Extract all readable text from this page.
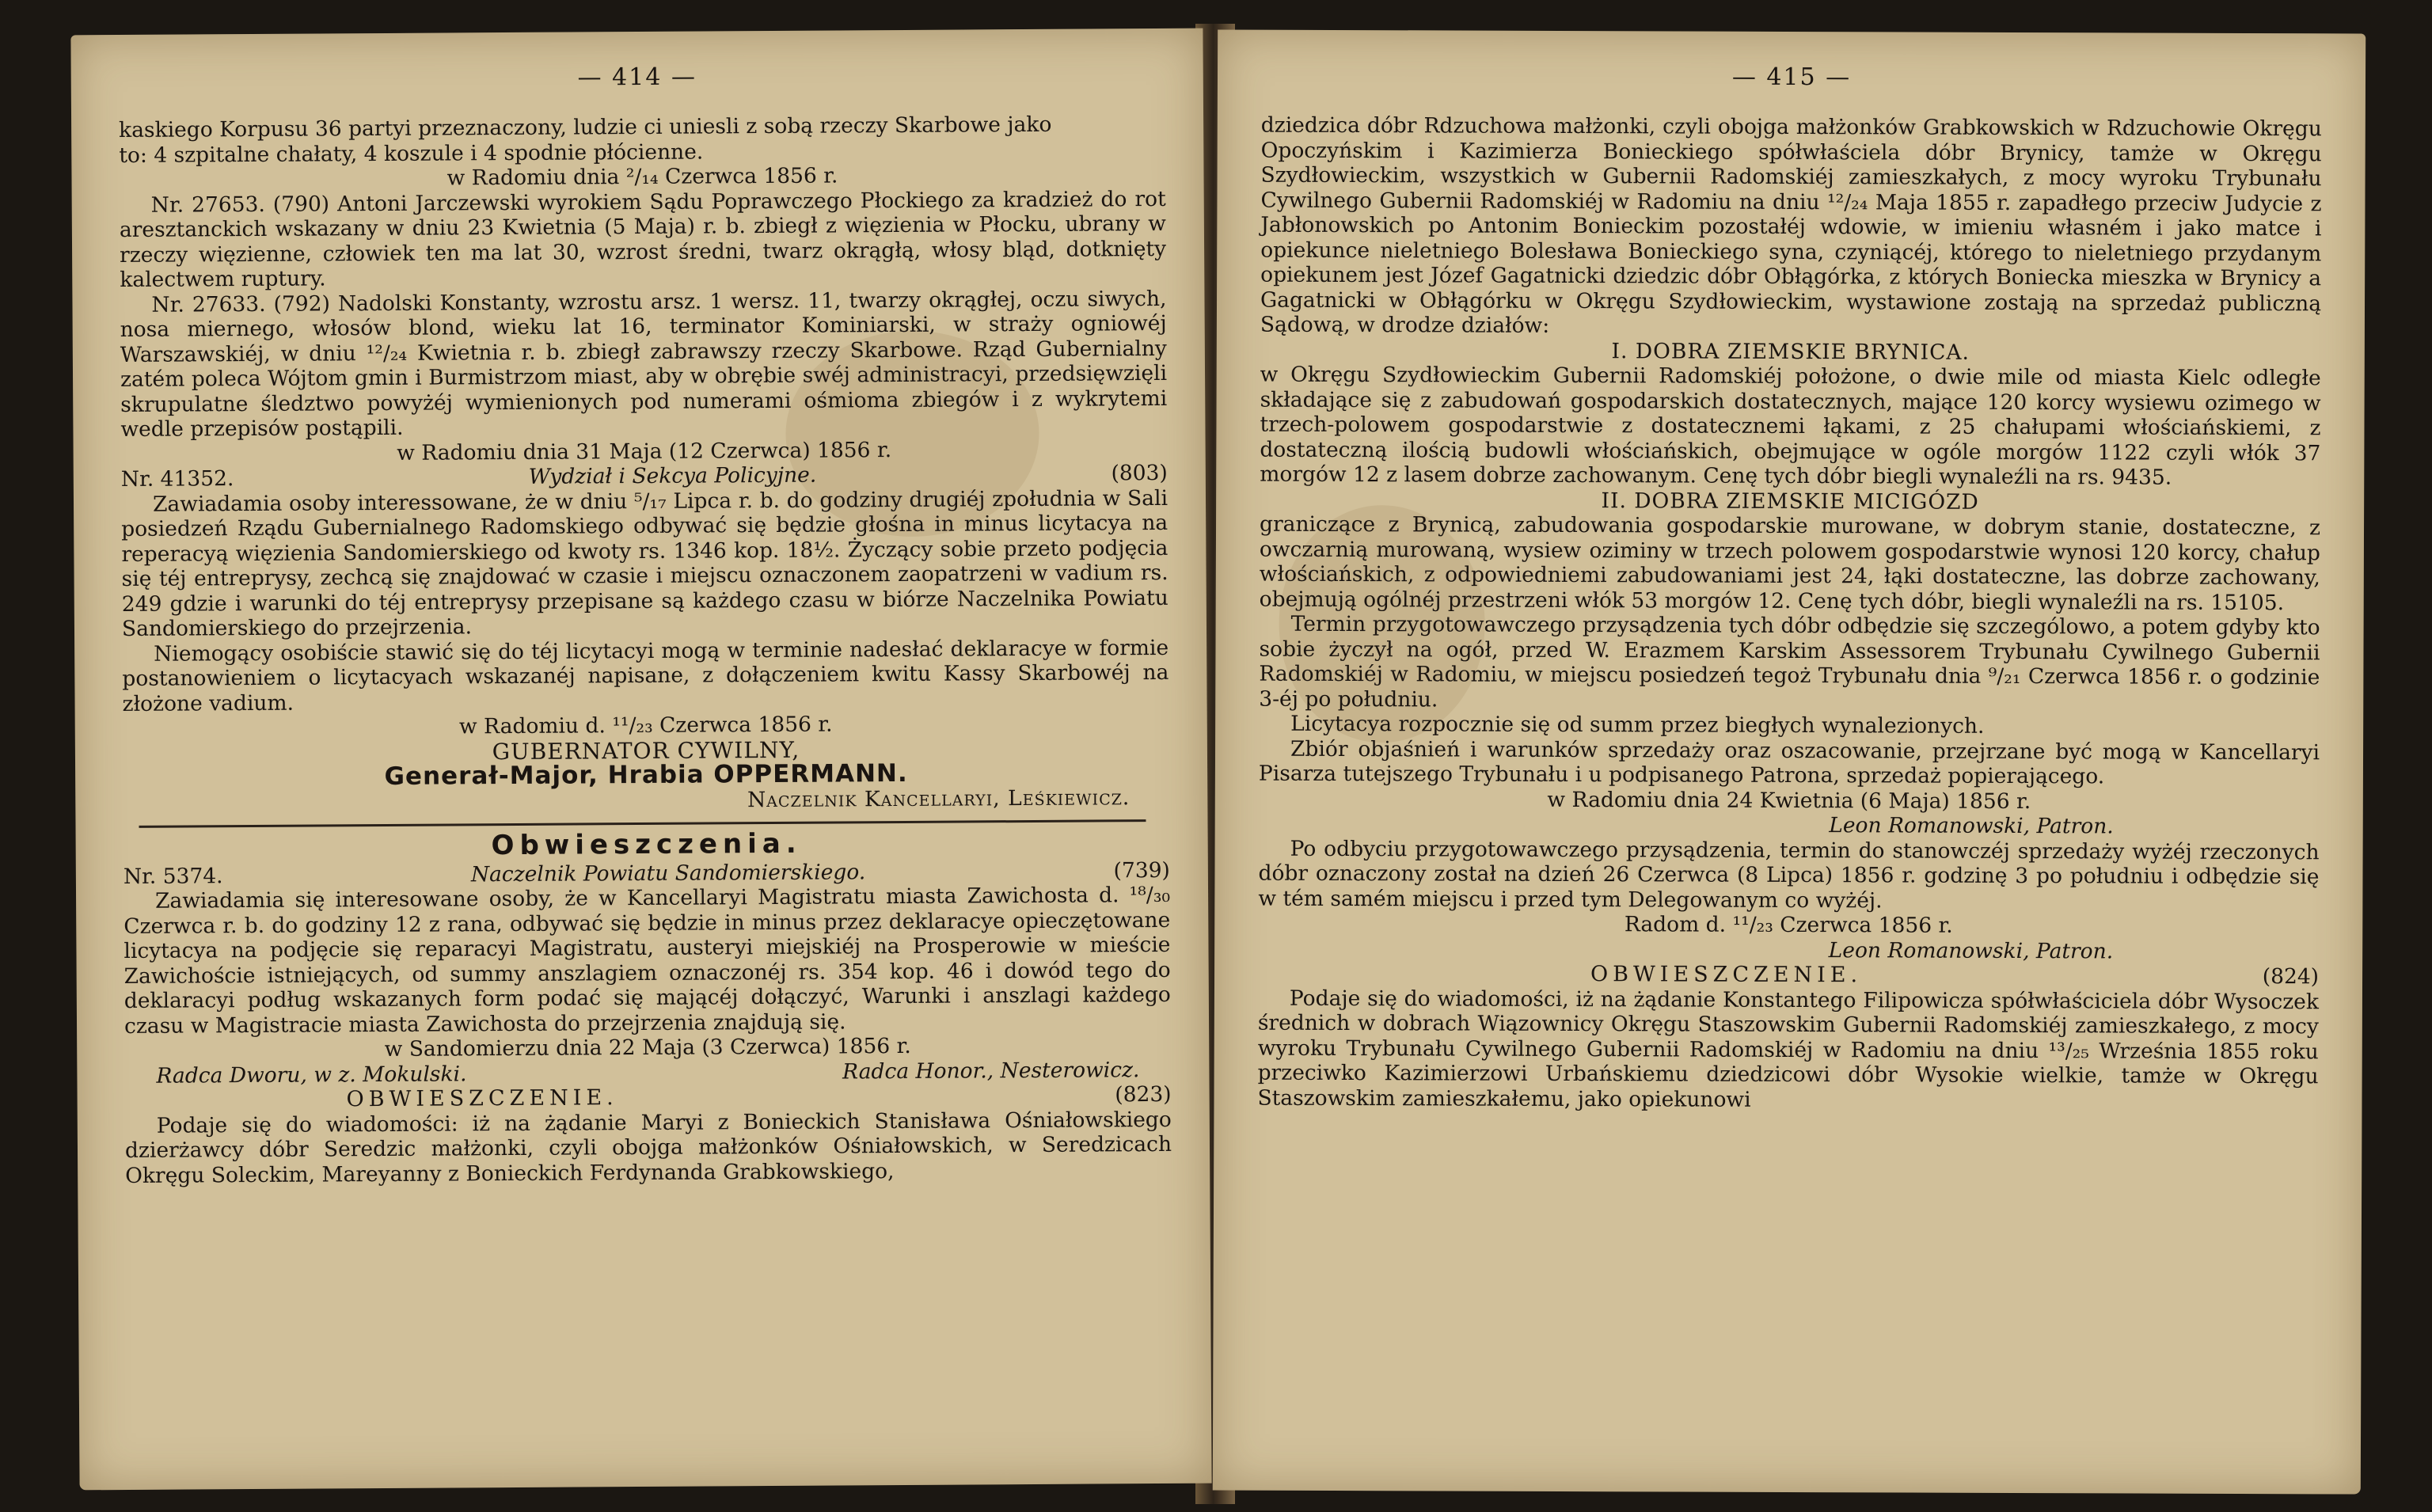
— 414 —

kaskiego Korpusu 36 partyi przeznaczony, ludzie ci uniesli z sobą rzeczy Skarbowe jako

to: 4 szpitalne chałaty, 4 koszule i 4 spodnie płócienne.

w Radomiu dnia ²/₁₄ Czerwca 1856 r.

Nr. 27653. (790) Antoni Jarczewski wyrokiem Sądu Poprawczego Płockiego za kradzież do rot aresztanckich wskazany w dniu 23 Kwietnia (5 Maja) r. b. zbiegł z więzienia w Płocku, ubrany w rzeczy więzienne, człowiek ten ma lat 30, wzrost średni, twarz okrągłą, włosy bląd, dotknięty kalectwem ruptury.

Nr. 27633. (792) Nadolski Konstanty, wzrostu arsz. 1 wersz. 11, twarzy okrągłej, oczu siwych, nosa miernego, włosów blond, wieku lat 16, terminator Kominiarski, w straży ogniowéj Warszawskiéj, w dniu ¹²/₂₄ Kwietnia r. b. zbiegł zabrawszy rzeczy Skarbowe. Rząd Gubernialny zatém poleca Wójtom gmin i Burmistrzom miast, aby w obrębie swéj administracyi, przedsięwzięli skrupulatne śledztwo powyżéj wymienionych pod numerami ośmioma zbiegów i z wykrytemi wedle przepisów postąpili.

w Radomiu dnia 31 Maja (12 Czerwca) 1856 r.

Nr. 41352.	Wydział i Sekcya Policyjne.	(803)

Zawiadamia osoby interessowane, że w dniu ⁵/₁₇ Lipca r. b. do godziny drugiéj zpołudnia w Sali posiedzeń Rządu Gubernialnego Radomskiego odbywać się będzie głośna in minus licytacya na reperacyą więzienia Sandomierskiego od kwoty rs. 1346 kop. 18½. Życzący sobie przeto podjęcia się téj entreprysy, zechcą się znajdować w czasie i miejscu oznaczonem zaopatrzeni w vadium rs. 249 gdzie i warunki do téj entreprysy przepisane są każdego czasu w biórze Naczelnika Powiatu Sandomierskiego do przejrzenia.

Niemogący osobiście stawić się do téj licytacyi mogą w terminie nadesłać deklaracye w formie postanowieniem o licytacyach wskazanéj napisane, z dołączeniem kwitu Kassy Skarbowéj na złożone vadium.

w Radomiu d. ¹¹/₂₃ Czerwca 1856 r.

GUBERNATOR CYWILNY,

Generał-Major, Hrabia OPPERMANN.

Naczelnik Kancellaryi, Leśkiewicz.

Obwieszczenia.

Nr. 5374.	Naczelnik Powiatu Sandomierskiego.	(739)

Zawiadamia się interesowane osoby, że w Kancellaryi Magistratu miasta Zawichosta d. ¹⁸/₃₀ Czerwca r. b. do godziny 12 z rana, odbywać się będzie in minus przez deklaracye opieczętowane licytacya na podjęcie się reparacyi Magistratu, austeryi miejskiéj na Prosperowie w mieście Zawichoście istniejących, od summy anszlagiem oznaczonéj rs. 354 kop. 46 i dowód tego do deklaracyi podług wskazanych form podać się mającéj dołączyć, Warunki i anszlagi każdego czasu w Magistracie miasta Zawichosta do przejrzenia znajdują się.

w Sandomierzu dnia 22 Maja (3 Czerwca) 1856 r.

Radca Dworu, w z. Mokulski.	Radca Honor., Nesterowicz.
OBWIESZCZENIE.	(823)

Podaje się do wiadomości: iż na żądanie Maryi z Bonieckich Stanisława Ośniałowskiego dzierżawcy dóbr Seredzic małżonki, czyli obojga małżonków Ośniałowskich, w Seredzicach Okręgu Soleckim, Mareyanny z Bonieckich Ferdynanda Grabkowskiego,

— 415 —

dziedzica dóbr Rdzuchowa małżonki, czyli obojga małżonków Grabkowskich w Rdzuchowie Okręgu Opoczyńskim i Kazimierza Bonieckiego spółwłaściela dóbr Brynicy, tamże w Okręgu Szydłowieckim, wszystkich w Gubernii Radomskiéj zamieszkałych, z mocy wyroku Trybunału Cywilnego Gubernii Radomskiéj w Radomiu na dniu ¹²/₂₄ Maja 1855 r. zapadłego przeciw Judycie z Jabłonowskich po Antonim Bonieckim pozostałéj wdowie, w imieniu własném i jako matce i opiekunce nieletniego Bolesława Bonieckiego syna, czyniącéj, którego to nieletniego przydanym opiekunem jest Józef Gagatnicki dziedzic dóbr Obłągórka, z których Boniecka mieszka w Brynicy a Gagatnicki w Obłągórku w Okręgu Szydłowieckim, wystawione zostają na sprzedaż publiczną Sądową, w drodze działów:

I. DOBRA ZIEMSKIE BRYNICA.

w Okręgu Szydłowieckim Gubernii Radomskiéj położone, o dwie mile od miasta Kielc odległe składające się z zabudowań gospodarskich dostatecznych, mające 120 korcy wysiewu ozimego w trzech-polowem gospodarstwie z dostatecznemi łąkami, z 25 chałupami włościańskiemi, z dostateczną ilością budowli włościańskich, obejmujące w ogóle morgów 1122 czyli włók 37 morgów 12 z lasem dobrze zachowanym. Cenę tych dóbr biegli wynaleźli na rs. 9435.

II. DOBRA ZIEMSKIE MICIGÓZD

graniczące z Brynicą, zabudowania gospodarskie murowane, w dobrym stanie, dostateczne, z owczarnią murowaną, wysiew oziminy w trzech polowem gospodarstwie wynosi 120 korcy, chałup włościańskich, z odpowiedniemi zabudowaniami jest 24, łąki dostateczne, las dobrze zachowany, obejmują ogólnéj przestrzeni włók 53 morgów 12. Cenę tych dóbr, biegli wynaleźli na rs. 15105.

Termin przygotowawczego przysądzenia tych dóbr odbędzie się szczególowo, a potem gdyby kto sobie życzył na ogół, przed W. Erazmem Karskim Assessorem Trybunału Cywilnego Gubernii Radomskiéj w Radomiu, w miejscu posiedzeń tegoż Trybunału dnia ⁹/₂₁ Czerwca 1856 r. o godzinie 3-éj po południu.

Licytacya rozpocznie się od summ przez biegłych wynalezionych.

Zbiór objaśnień i warunków sprzedaży oraz oszacowanie, przejrzane być mogą w Kancellaryi Pisarza tutejszego Trybunału i u podpisanego Patrona, sprzedaż popierającego.

w Radomiu dnia 24 Kwietnia (6 Maja) 1856 r.

Leon Romanowski, Patron.

Po odbyciu przygotowawczego przysądzenia, termin do stanowczéj sprzedaży wyżéj rzeczonych dóbr oznaczony został na dzień 26 Czerwca (8 Lipca) 1856 r. godzinę 3 po południu i odbędzie się w tém samém miejscu i przed tym Delegowanym co wyżéj.

Radom d. ¹¹/₂₃ Czerwca 1856 r.

Leon Romanowski, Patron.

OBWIESZCZENIE.	(824)

Podaje się do wiadomości, iż na żądanie Konstantego Filipowicza spółwłaściciela dóbr Wysoczek średnich w dobrach Wiązownicy Okręgu Staszowskim Gubernii Radomskiéj zamieszkałego, z mocy wyroku Trybunału Cywilnego Gubernii Radomskiéj w Radomiu na dniu ¹³/₂₅ Września 1855 roku przeciwko Kazimierzowi Urbańskiemu dziedzicowi dóbr Wysokie wielkie, tamże w Okręgu Staszowskim zamieszkałemu, jako opiekunowi
